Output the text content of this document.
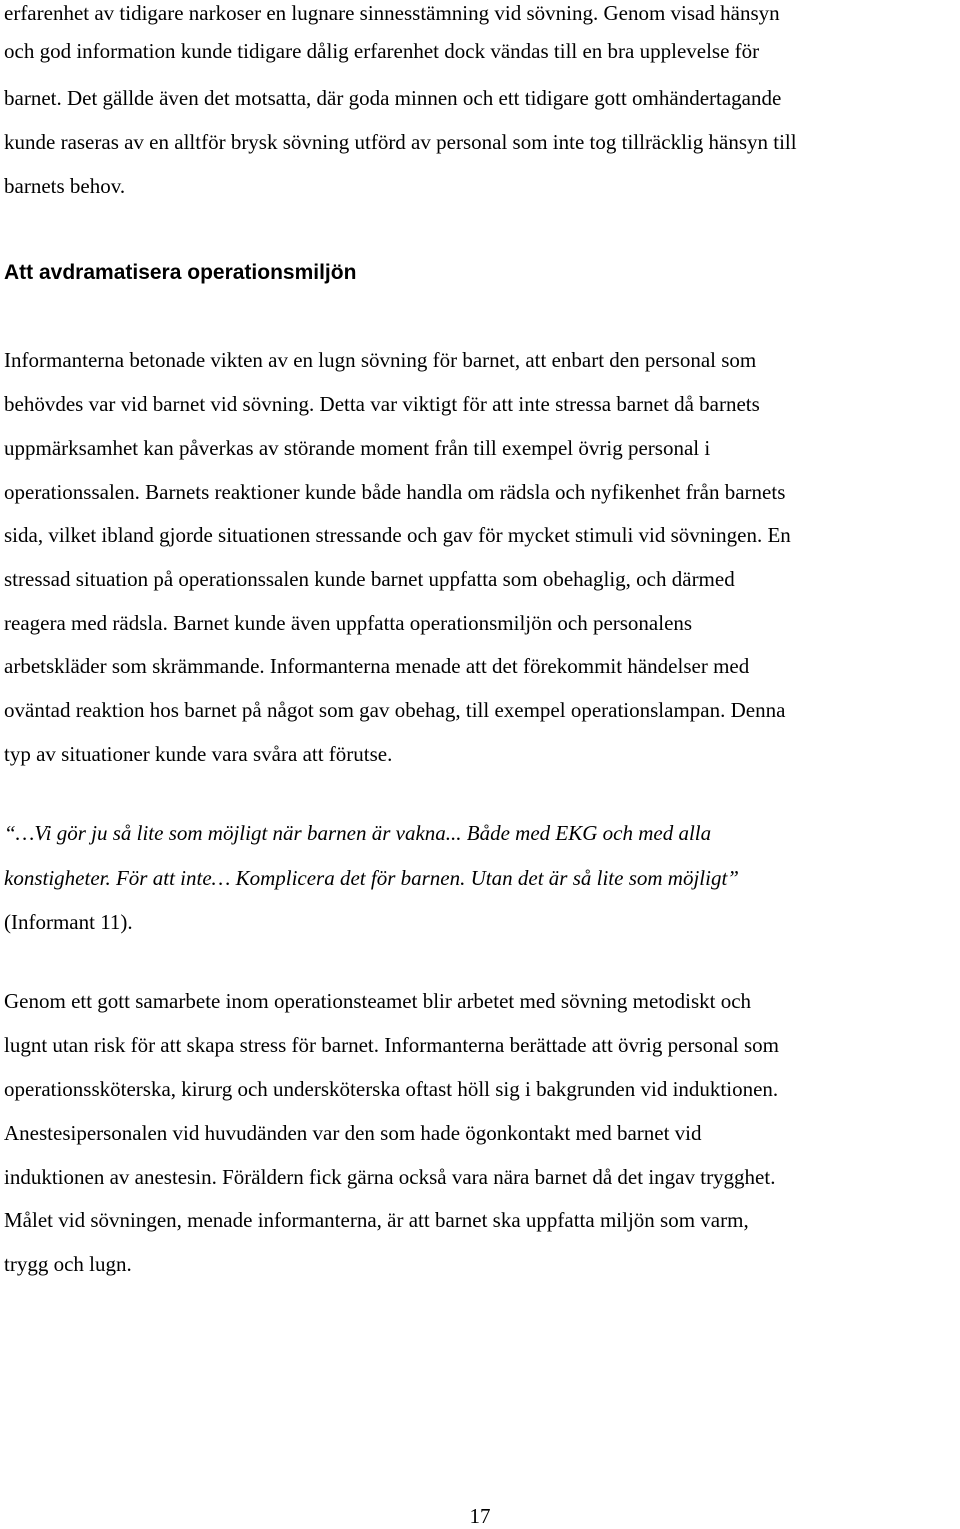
erfarenhet av tidigare narkoser en lugnare sinnesstämning vid sövning. Genom visad hänsyn
och god information kunde tidigare dålig erfarenhet dock vändas till en bra upplevelse för
barnet. Det gällde även det motsatta, där goda minnen och ett tidigare gott omhändertagande
kunde raseras av en alltför brysk sövning utförd av personal som inte tog tillräcklig hänsyn till
barnets behov.
Att avdramatisera operationsmiljön
Informanterna betonade vikten av en lugn sövning för barnet, att enbart den personal som
behövdes var vid barnet vid sövning. Detta var viktigt för att inte stressa barnet då barnets
uppmärksamhet kan påverkas av störande moment från till exempel övrig personal i
operationssalen. Barnets reaktioner kunde både handla om rädsla och nyfikenhet från barnets
sida, vilket ibland gjorde situationen stressande och gav för mycket stimuli vid sövningen. En
stressad situation på operationssalen kunde barnet uppfatta som obehaglig, och därmed
reagera med rädsla. Barnet kunde även uppfatta operationsmiljön och personalens
arbetskläder som skrämmande. Informanterna menade att det förekommit händelser med
oväntad reaktion hos barnet på något som gav obehag, till exempel operationslampan. Denna
typ av situationer kunde vara svåra att förutse.
“…Vi gör ju så lite som möjligt när barnen är vakna... Både med EKG och med alla
konstigheter. För att inte… Komplicera det för barnen. Utan det är så lite som möjligt”
(Informant 11).
Genom ett gott samarbete inom operationsteamet blir arbetet med sövning metodiskt och
lugnt utan risk för att skapa stress för barnet. Informanterna berättade att övrig personal som
operationssköterska, kirurg och undersköterska oftast höll sig i bakgrunden vid induktionen.
Anestesipersonalen vid huvudänden var den som hade ögonkontakt med barnet vid
induktionen av anestesin. Föräldern fick gärna också vara nära barnet då det ingav trygghet.
Målet vid sövningen, menade informanterna, är att barnet ska uppfatta miljön som varm,
trygg och lugn.
17
